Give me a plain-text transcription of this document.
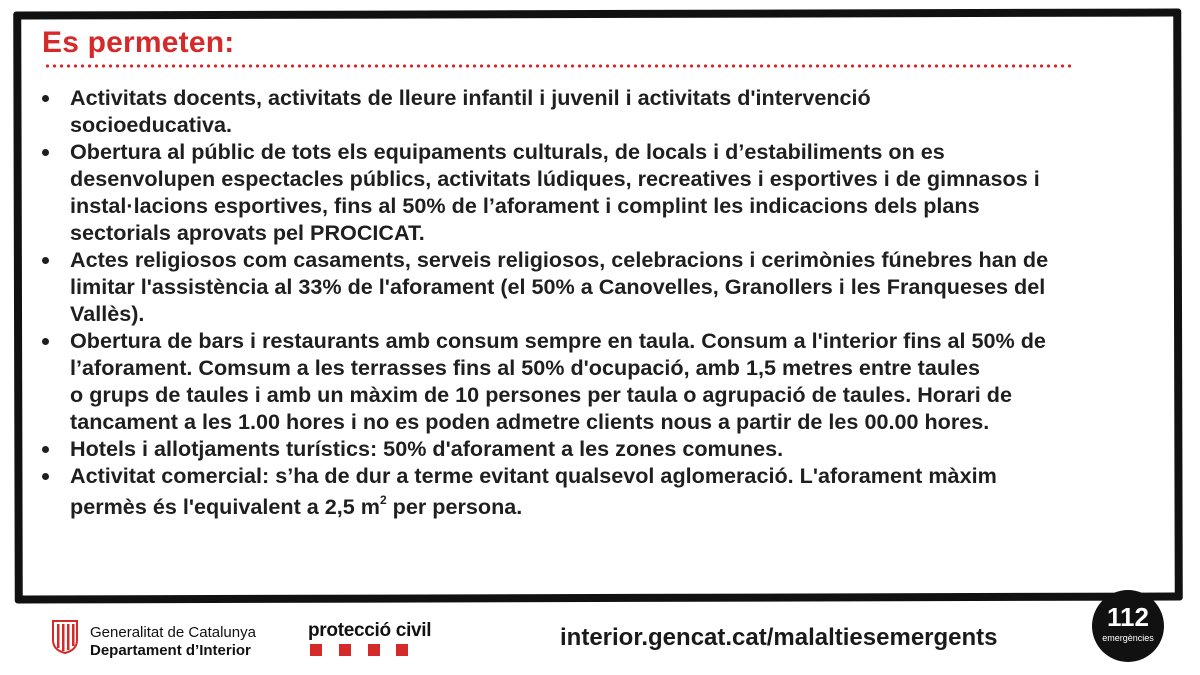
Es permeten:
Activitats docents, activitats de lleure infantil i juvenil i activitats d'intervenció
socioeducativa.
Obertura al públic de tots els equipaments culturals, de locals i d’estabiliments on es
desenvolupen espectacles públics, activitats lúdiques, recreatives i esportives i de gimnasos i
instal·lacions esportives, fins al 50% de l’aforament i complint les indicacions dels plans
sectorials aprovats pel PROCICAT.
Actes religiosos com casaments, serveis religiosos, celebracions i cerimònies fúnebres han de
limitar l'assistència al 33% de l'aforament (el 50% a Canovelles, Granollers i les Franqueses del
Vallès).
Obertura de bars i restaurants amb consum sempre en taula. Consum a l'interior fins al 50% de
l’aforament. Comsum a les terrasses fins al 50% d'ocupació, amb 1,5 metres entre taules
o grups de taules i amb un màxim de 10 persones per taula o agrupació de taules. Horari de
tancament a les 1.00 hores i no es poden admetre clients nous a partir de les 00.00 hores.
Hotels i allotjaments turístics: 50% d'aforament a les zones comunes.
Activitat comercial: s’ha de dur a terme evitant qualsevol aglomeració. L'aforament màxim
permès és l'equivalent a 2,5 $m^2$ per persona.
Generalitat de Catalunya
Departament d’Interior
protecció civil	interior.gencat.cat/malaltiesemergents
112
emergències
